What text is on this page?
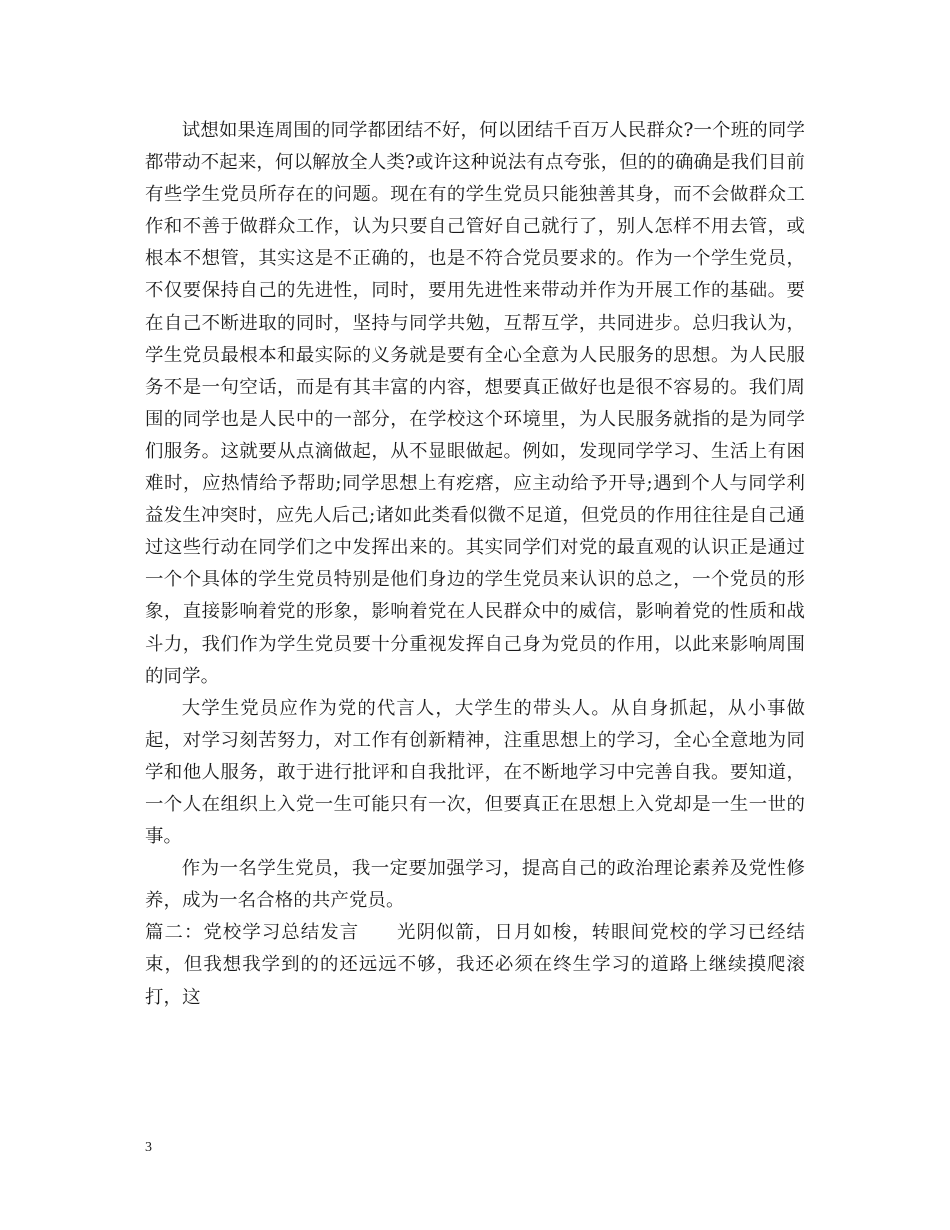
试想如果连周围的同学都团结不好，何以团结千百万人民群众?一个班的同学都带动不起来，何以解放全人类?或许这种说法有点夸张，但的的确确是我们目前有些学生党员所存在的问题。现在有的学生党员只能独善其身，而不会做群众工作和不善于做群众工作，认为只要自己管好自己就行了，别人怎样不用去管，或根本不想管，其实这是不正确的，也是不符合党员要求的。作为一个学生党员，不仅要保持自己的先进性，同时，要用先进性来带动并作为开展工作的基础。要在自己不断进取的同时，坚持与同学共勉，互帮互学，共同进步。总归我认为，学生党员最根本和最实际的义务就是要有全心全意为人民服务的思想。为人民服务不是一句空话，而是有其丰富的内容，想要真正做好也是很不容易的。我们周围的同学也是人民中的一部分，在学校这个环境里，为人民服务就指的是为同学们服务。这就要从点滴做起，从不显眼做起。例如，发现同学学习、生活上有困难时，应热情给予帮助;同学思想上有疙瘩，应主动给予开导;遇到个人与同学利益发生冲突时，应先人后己;诸如此类看似微不足道，但党员的作用往往是自己通过这些行动在同学们之中发挥出来的。其实同学们对党的最直观的认识正是通过一个个具体的学生党员特别是他们身边的学生党员来认识的总之，一个党员的形象，直接影响着党的形象，影响着党在人民群众中的威信，影响着党的性质和战斗力，我们作为学生党员要十分重视发挥自己身为党员的作用，以此来影响周围的同学。

大学生党员应作为党的代言人，大学生的带头人。从自身抓起，从小事做起，对学习刻苦努力，对工作有创新精神，注重思想上的学习，全心全意地为同学和他人服务，敢于进行批评和自我批评，在不断地学习中完善自我。要知道，一个人在组织上入党一生可能只有一次，但要真正在思想上入党却是一生一世的事。

作为一名学生党员，我一定要加强学习，提高自己的政治理论素养及党性修养，成为一名合格的共产党员。

篇二：党校学习总结发言 光阴似箭，日月如梭，转眼间党校的学习已经结束，但我想我学到的的还远远不够，我还必须在终生学习的道路上继续摸爬滚打，这

3
